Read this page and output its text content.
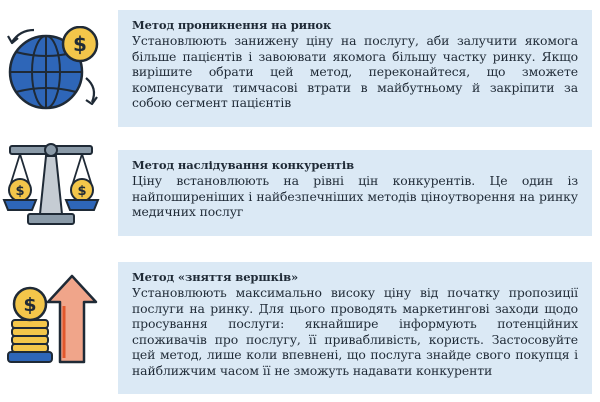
$

Метод проникнення на ринок

Установлюють занижену ціну на послугу, аби залучити якомога більше пацієнтів і завоювати якомога більшу частку ринку. Якщо вирішите обрати цей метод, переконайтеся, що зможете компенсувати тимчасові втрати в майбутньому й закріпити за собою сегмент пацієнтів

$	$

Метод наслідування конкурентів

Ціну встановлюють на рівні цін конкурентів. Це один із найпоширеніших і найбезпечніших методів ціноутворення на ринку медичних послуг

$

Метод «зняття вершків»

Установлюють максимально високу ціну від початку пропозиції послуги на ринку. Для цього проводять маркетингові заходи щодо просування послуги: якнайшире інформують потенційних споживачів про послугу, її привабливість, користь. Застосовуйте цей метод, лише коли впевнені, що послуга знайде свого покупця і найближчим часом її не зможуть надавати конкуренти
